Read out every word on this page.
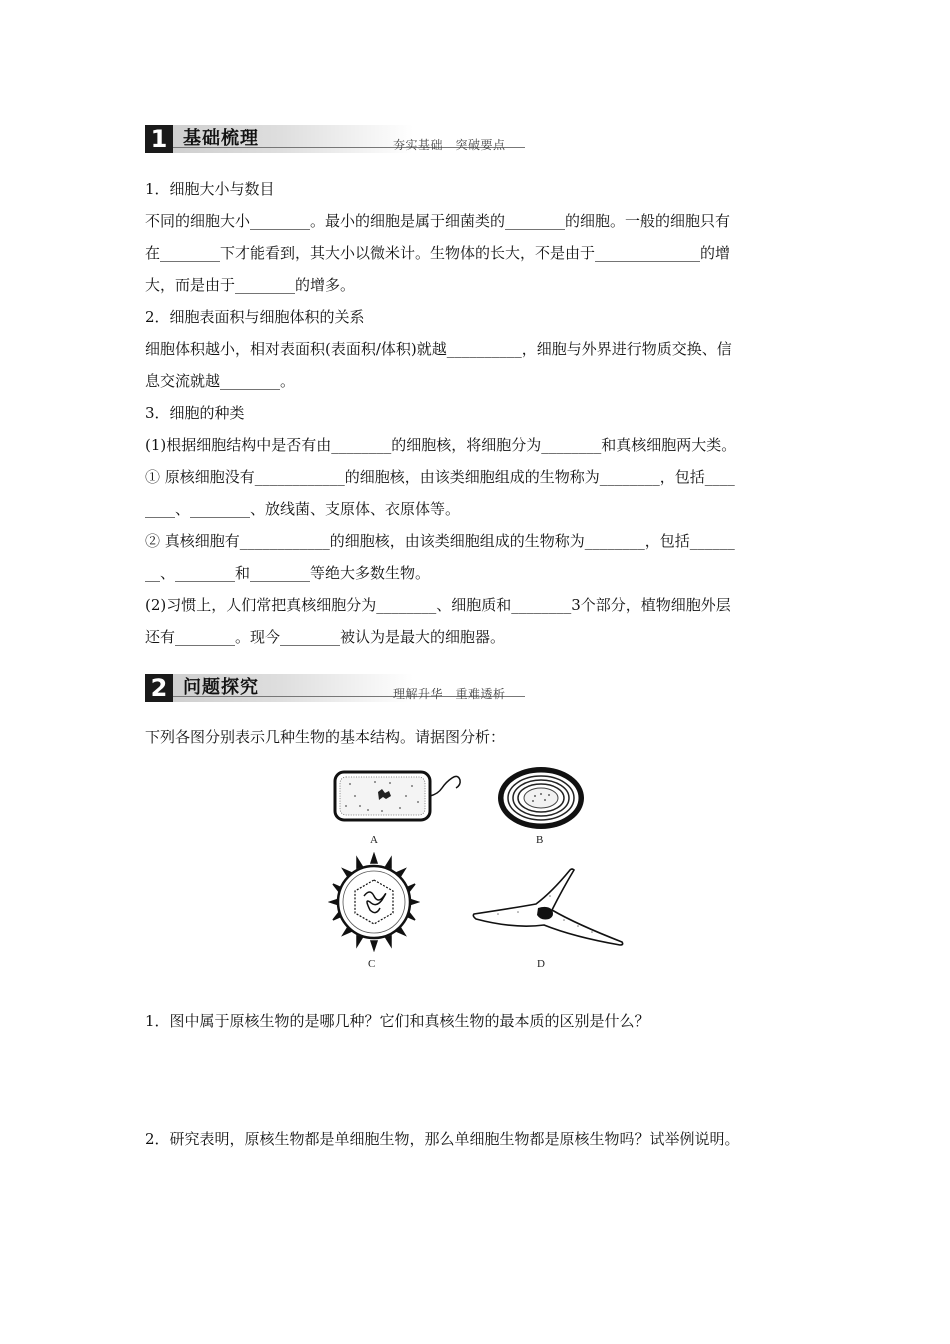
1 基础梳理	夯实基础　突破要点
1．细胞大小与数目
不同的细胞大小________。最小的细胞是属于细菌类的________的细胞。一般的细胞只有
在________下才能看到，其大小以微米计。生物体的长大，不是由于______________的增
大，而是由于________的增多。
2．细胞表面积与细胞体积的关系
细胞体积越小，相对表面积(表面积/体积)就越__________，细胞与外界进行物质交换、信
息交流就越________。
3．细胞的种类
(1)根据细胞结构中是否有由________的细胞核，将细胞分为________和真核细胞两大类。
① 原核细胞没有____________的细胞核，由该类细胞组成的生物称为________，包括____
____、________、放线菌、支原体、衣原体等。
② 真核细胞有____________的细胞核，由该类细胞组成的生物称为________，包括______
__、________和________等绝大多数生物。
(2)习惯上，人们常把真核细胞分为________、细胞质和________3个部分，植物细胞外层
还有________。现今________被认为是最大的细胞器。
2 问题探究	理解升华　重难透析
下列各图分别表示几种生物的基本结构。请据图分析：
A	B
C	D
1．图中属于原核生物的是哪几种？它们和真核生物的最本质的区别是什么？
2．研究表明，原核生物都是单细胞生物，那么单细胞生物都是原核生物吗？试举例说明。
